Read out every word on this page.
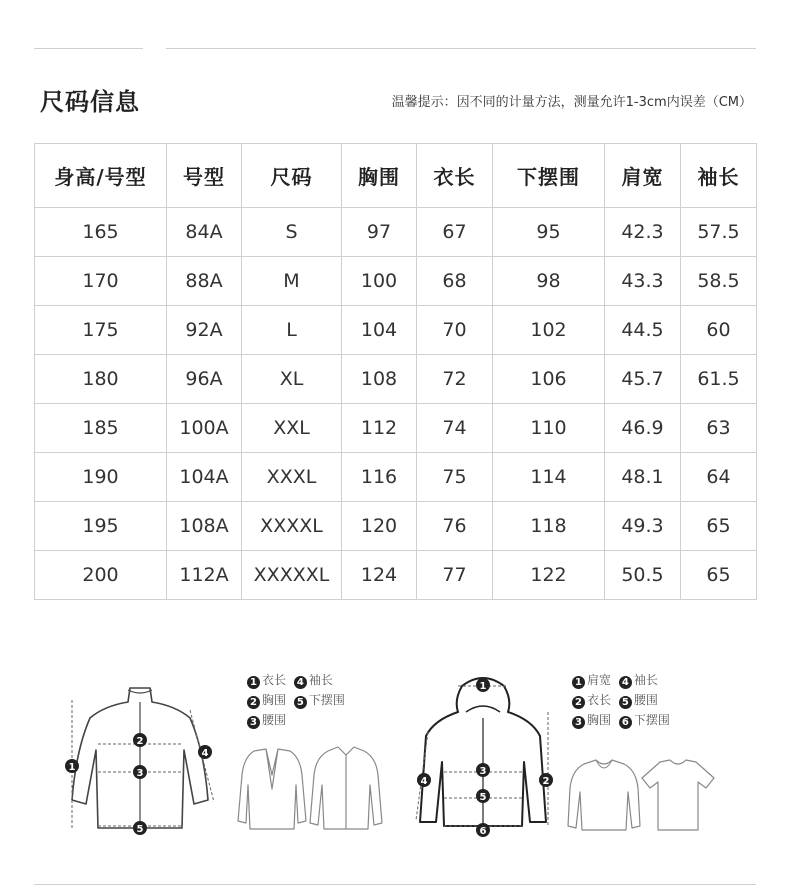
尺码信息	温馨提示：因不同的计量方法，测量允许1-3cm内误差（CM）
身高/号型	号型	尺码	胸围	衣长	下摆围	肩宽	袖长
165	84A	S	97	67	95	42.3	57.5
170	88A	M	100	68	98	43.3	58.5
175	92A	L	104	70	102	44.5	60
180	96A	XL	108	72	106	45.7	61.5
185	100A	XXL	112	74	110	46.9	63
190	104A	XXXL	116	75	114	48.1	64
195	108A	XXXXL	120	76	118	49.3	65
200	112A	XXXXXL	124	77	122	50.5	65
1
2
3
4
5
1 衣长 4 袖长
2 胸围 5 下摆围
3 腰围
1
2
3
4
5
6
1 肩宽 4 袖长
2 衣长 5 腰围
3 胸围 6 下摆围
